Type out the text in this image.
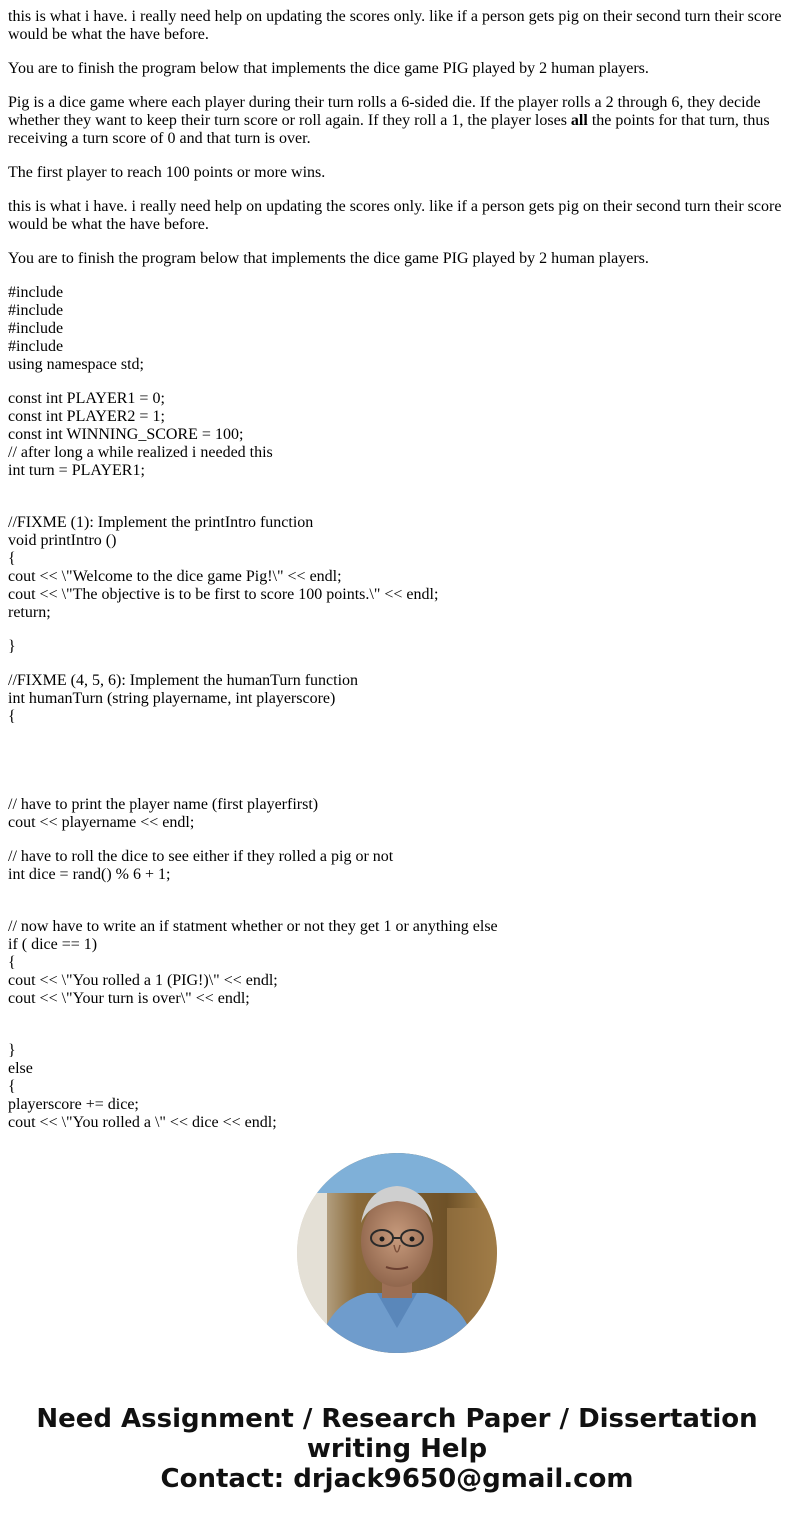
this is what i have. i really need help on updating the scores only. like if a person gets pig on their second turn their score would be what the have before.
You are to finish the program below that implements the dice game PIG played by 2 human players.
Pig is a dice game where each player during their turn rolls a 6-sided die. If the player rolls a 2 through 6, they decide whether they want to keep their turn score or roll again. If they roll a 1, the player loses all the points for that turn, thus receiving a turn score of 0 and that turn is over.
The first player to reach 100 points or more wins.
this is what i have. i really need help on updating the scores only. like if a person gets pig on their second turn their score would be what the have before.
You are to finish the program below that implements the dice game PIG played by 2 human players.
#include
#include
#include
#include
using namespace std;
const int PLAYER1 = 0;
const int PLAYER2 = 1;
const int WINNING_SCORE = 100;
// after long a while realized i needed this
int turn = PLAYER1;
//FIXME (1): Implement the printIntro function
void printIntro ()
{
cout << \"Welcome to the dice game Pig!\" << endl;
cout << \"The objective is to be first to score 100 points.\" << endl;
return;
}
//FIXME (4, 5, 6): Implement the humanTurn function
int humanTurn (string playername, int playerscore)
{
// have to print the player name (first playerfirst)
cout << playername << endl;
// have to roll the dice to see either if they rolled a pig or not
int dice = rand() % 6 + 1;
// now have to write an if statment whether or not they get 1 or anything else
if ( dice == 1)
{
cout << \"You rolled a 1 (PIG!)\" << endl;
cout << \"Your turn is over\" << endl;
}
else
{
playerscore += dice;
cout << \"You rolled a \" << dice << endl;
Need Assignment / Research Paper / Dissertation
writing Help
Contact: drjack9650@gmail.com
